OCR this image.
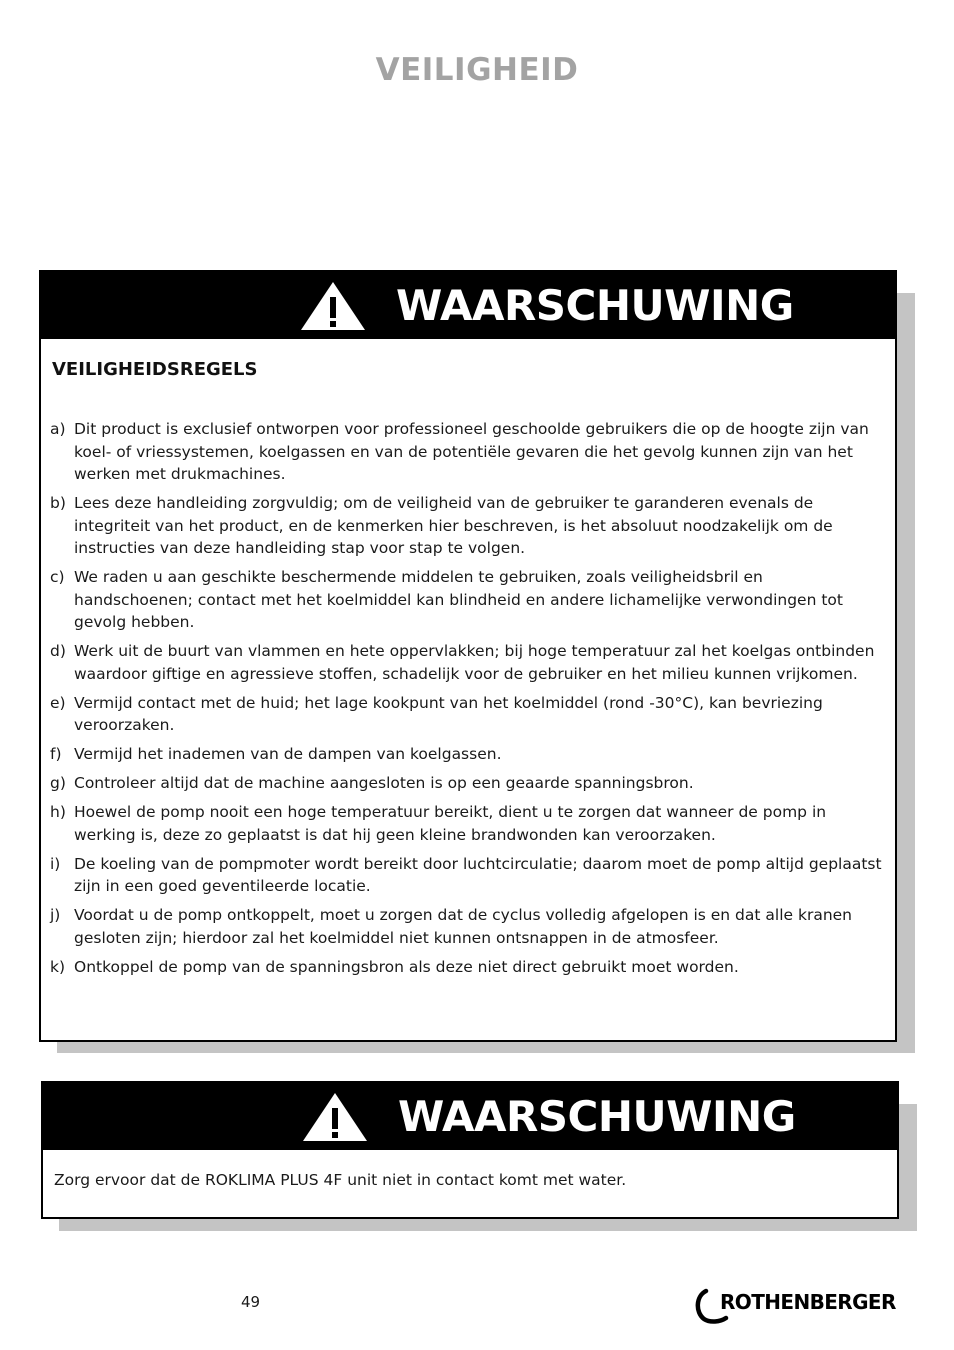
VEILIGHEID
WAARSCHUWING
VEILIGHEIDSREGELS
a) Dit product is exclusief ontworpen voor professioneel geschoolde gebruikers die op de hoogte zijn van koel- of vriessystemen, koelgassen en van de potentiële gevaren die het gevolg kunnen zijn van het werken met drukmachines.
b) Lees deze handleiding zorgvuldig; om de veiligheid van de gebruiker te garanderen evenals de integriteit van het product, en de kenmerken hier beschreven, is het absoluut noodzakelijk om de instructies van deze handleiding stap voor stap te volgen.
c) We raden u aan geschikte beschermende middelen te gebruiken, zoals veiligheidsbril en handschoenen; contact met het koelmiddel kan blindheid en andere lichamelijke verwondingen tot gevolg hebben.
d) Werk uit de buurt van vlammen en hete oppervlakken; bij hoge temperatuur zal het koelgas ontbinden waardoor giftige en agressieve stoffen, schadelijk voor de gebruiker en het milieu kunnen vrijkomen.
e) Vermijd contact met de huid; het lage kookpunt van het koelmiddel (rond -30°C), kan bevriezing veroorzaken.
f) Vermijd het inademen van de dampen van koelgassen.
g) Controleer altijd dat de machine aangesloten is op een geaarde spanningsbron.
h) Hoewel de pomp nooit een hoge temperatuur bereikt, dient u te zorgen dat wanneer de pomp in werking is, deze zo geplaatst is dat hij geen kleine brandwonden kan veroorzaken.
i) De koeling van de pompmoter wordt bereikt door luchtcirculatie; daarom moet de pomp altijd geplaatst zijn in een goed geventileerde locatie.
j) Voordat u de pomp ontkoppelt, moet u zorgen dat de cyclus volledig afgelopen is en dat alle kranen gesloten zijn; hierdoor zal het koelmiddel niet kunnen ontsnappen in de atmosfeer.
k) Ontkoppel de pomp van de spanningsbron als deze niet direct gebruikt moet worden.
WAARSCHUWING
Zorg ervoor dat de ROKLIMA PLUS 4F unit niet in contact komt met water.
49	ROTHENBERGER
